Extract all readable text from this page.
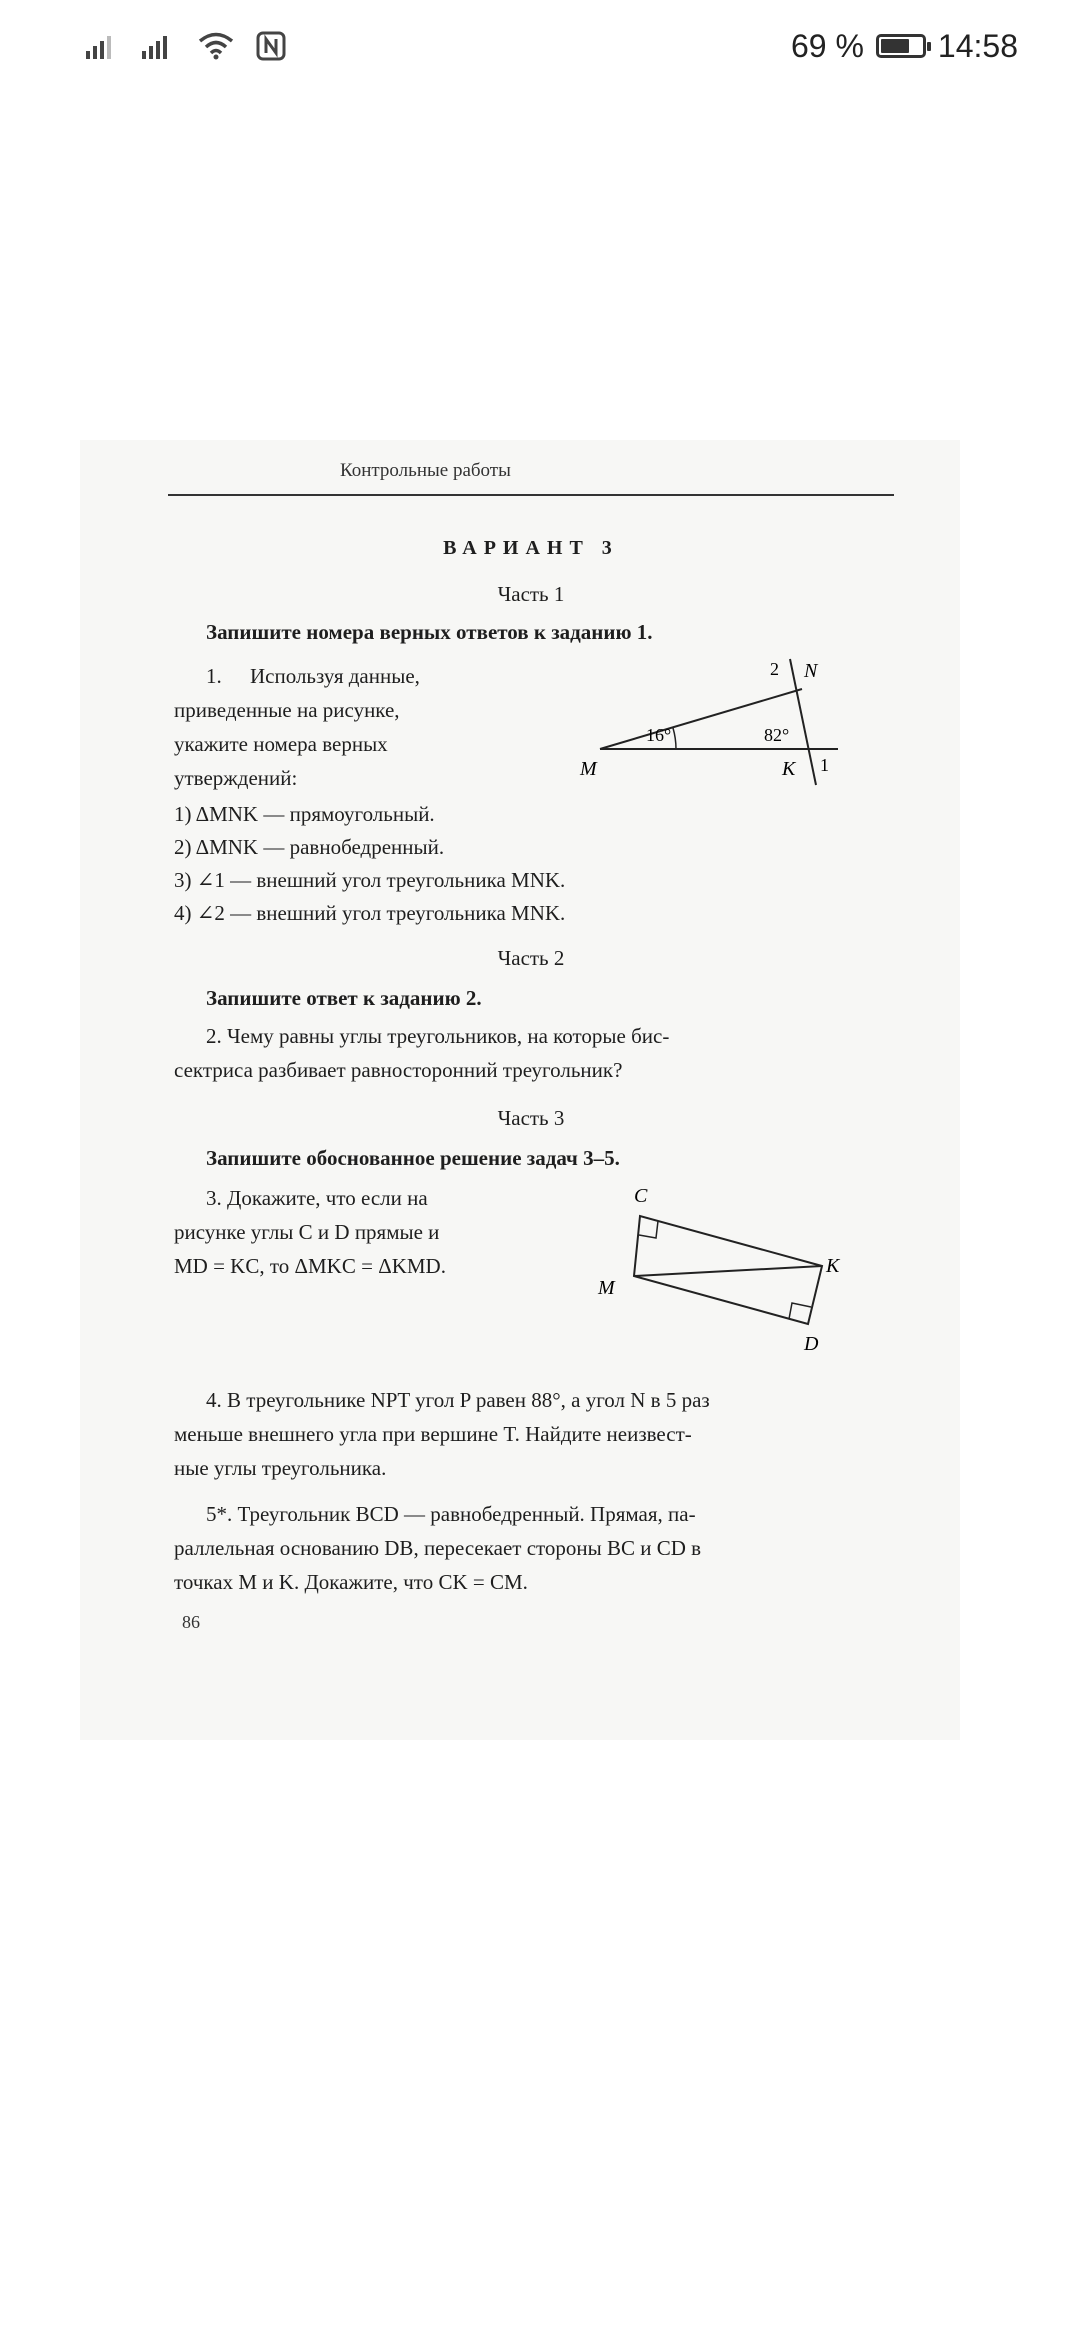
69 % 14:58
Контрольные работы
ВАРИАНТ 3
Часть 1
Запишите номера верных ответов к заданию 1.
1. Используя данные,
приведенные на рисунке,
укажите номера верных
утверждений:
16°	82°
M	K
N
2
1
1) ΔMNK — прямоугольный.
2) ΔMNK — равнобедренный.
3) ∠1 — внешний угол треугольника MNK.
4) ∠2 — внешний угол треугольника MNK.
Часть 2
Запишите ответ к заданию 2.
2. Чему равны углы треугольников, на которые бис-
сектриса разбивает равносторонний треугольник?
Часть 3
Запишите обоснованное решение задач 3–5.
3. Докажите, что если на
рисунке углы C и D прямые и
MD = KC, то ΔMKC = ΔKMD.
C
K
M
D
4. В треугольнике NPT угол P равен 88°, а угол N в 5 раз
меньше внешнего угла при вершине T. Найдите неизвест-
ные углы треугольника.
5*. Треугольник BCD — равнобедренный. Прямая, па-
раллельная основанию DB, пересекает стороны BC и CD в
точках M и K. Докажите, что CK = CM.
86
